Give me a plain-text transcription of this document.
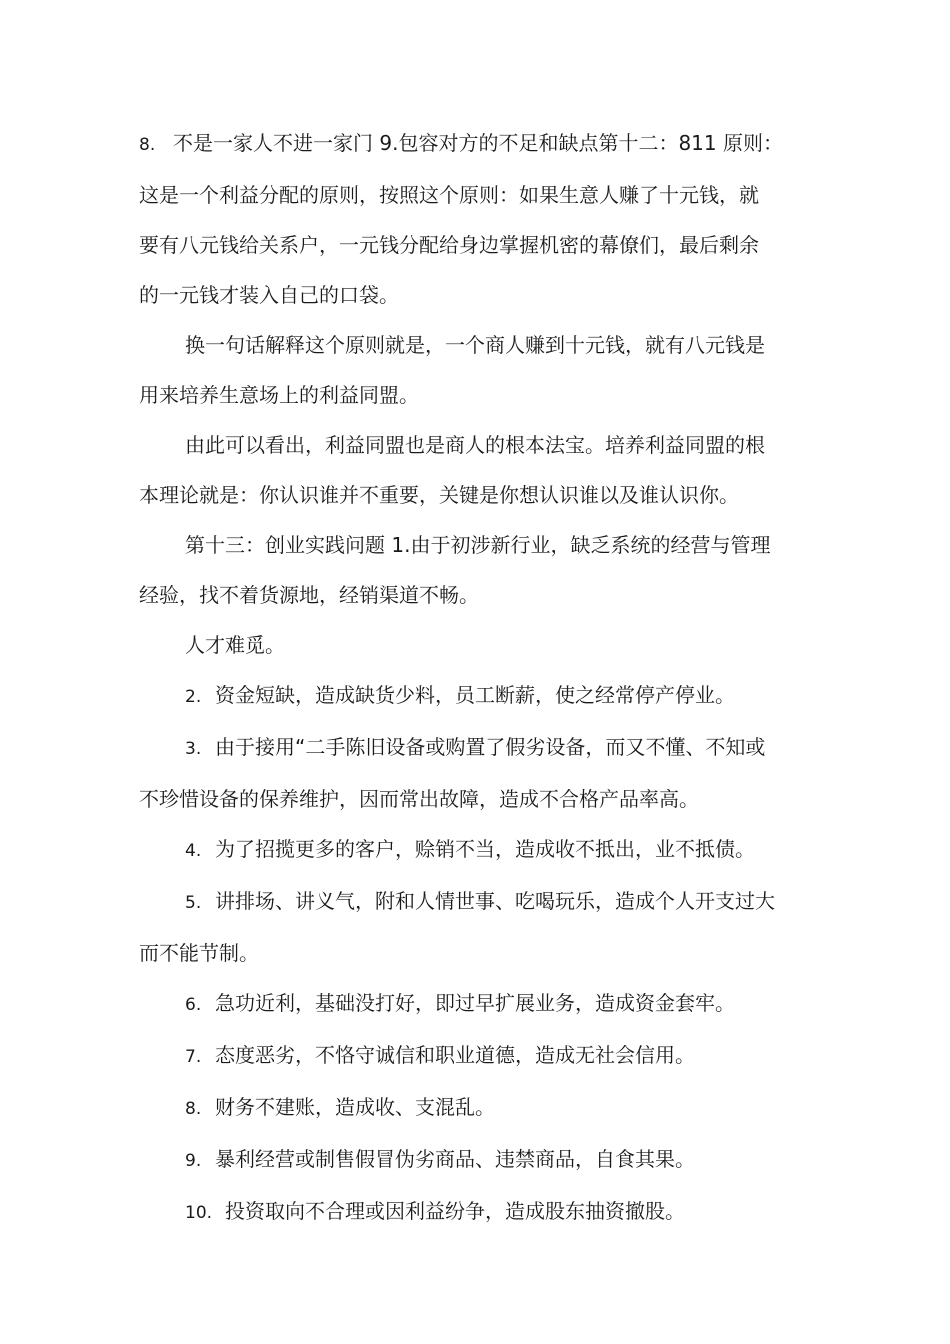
8. 不是一家人不进一家门 9.包容对方的不足和缺点第十二：811 原则：

这是一个利益分配的原则，按照这个原则：如果生意人赚了十元钱，就

要有八元钱给关系户，一元钱分配给身边掌握机密的幕僚们，最后剩余

的一元钱才装入自己的口袋。

换一句话解释这个原则就是，一个商人赚到十元钱，就有八元钱是

用来培养生意场上的利益同盟。

由此可以看出，利益同盟也是商人的根本法宝。培养利益同盟的根

本理论就是：你认识谁并不重要，关键是你想认识谁以及谁认识你。

第十三：创业实践问题 1.由于初涉新行业，缺乏系统的经营与管理

经验，找不着货源地，经销渠道不畅。

人才难觅。

2. 资金短缺，造成缺货少料，员工断薪，使之经常停产停业。

3. 由于接用“二手陈旧设备或购置了假劣设备，而又不懂、不知或

不珍惜设备的保养维护，因而常出故障，造成不合格产品率高。

4. 为了招揽更多的客户，赊销不当，造成收不抵出，业不抵债。

5. 讲排场、讲义气，附和人情世事、吃喝玩乐，造成个人开支过大

而不能节制。

6. 急功近利，基础没打好，即过早扩展业务，造成资金套牢。

7. 态度恶劣，不恪守诚信和职业道德，造成无社会信用。

8. 财务不建账，造成收、支混乱。

9. 暴利经营或制售假冒伪劣商品、违禁商品，自食其果。

10. 投资取向不合理或因利益纷争，造成股东抽资撤股。
